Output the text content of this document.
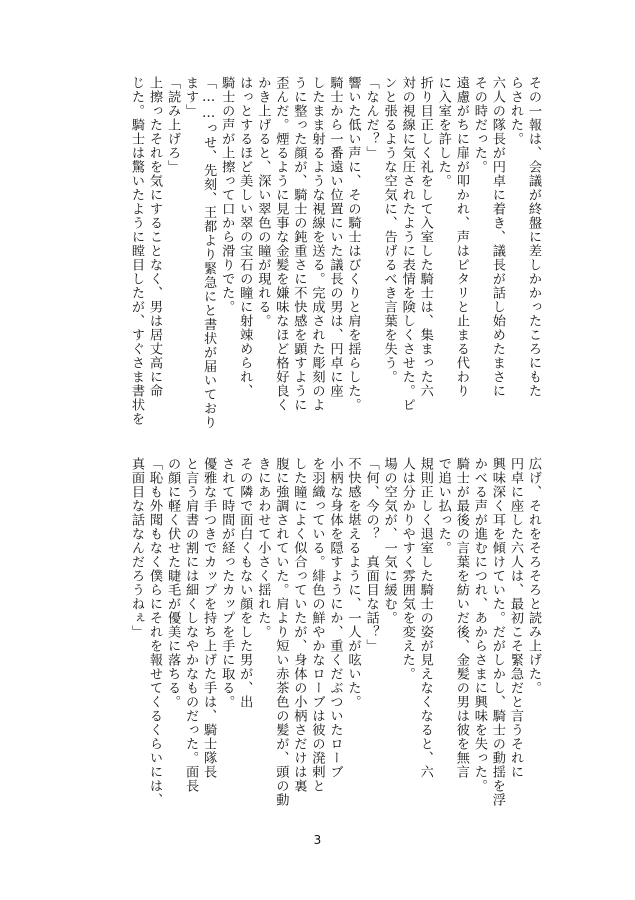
その一報は、会議が終盤に差しかかったころにもた
らされた。
六人の隊長が円卓に着き、議長が話し始めたまさに
その時だった。
遠慮がちに扉が叩かれ、声はピタリと止まる代わり
に入室を許した。
折り目正しく礼をして入室した騎士は、集まった六
対の視線に気圧されたように表情を険しくさせた。ピ
ンと張るような空気に、告げるべき言葉を失う。
「なんだ？」
響いた低い声に、その騎士はびくりと肩を揺らした。
騎士から一番遠い位置にいた議長の男は、円卓に座
したまま射るような視線を送る。完成された彫刻のよ
うに整った顔が、騎士の鈍重さに不快感を顕すように
歪んだ。煙るように見事な金髪を嫌味なほど格好良く
かき上げると、深い翠色の瞳が現れる。
はっとするほど美しい翠の宝石の瞳に射竦められ、
騎士の声が上擦って口から滑りでた。
「……っせ、先刻、王都より緊急にと書状が届いており
ます」
「読み上げろ」
上擦ったそれを気にすることなく、男は居丈高に命
じた。騎士は驚いたように瞠目したが、すぐさま書状を
広げ、それをそろそろと読み上げた。
円卓に座した六人は、最初こそ緊急だと言うそれに
興味深く耳を傾けていた。だがしかし、騎士の動揺を浮
かべる声が進むにつれ、あからさまに興味を失った。
騎士が最後の言葉を紡いだ後、金髪の男は彼を無言
で追い払った。
規則正しく退室した騎士の姿が見えなくなると、六
人は分かりやすく雰囲気を変えた。
場の空気が、一気に緩む。
「何、今の？　真面目な話？」
不快感を堪えるように、一人が呟いた。
小柄な身体を隠すようにか、重くだぶついたローブ
を羽織っている。緋色の鮮やかなローブは彼の溌剌と
した瞳によく似合っていたが、身体の小柄さだけは裏
腹に強調されていた。肩より短い赤茶色の髪が、頭の動
きにあわせて小さく揺れた。
その隣で面白くもない顔をした男が、出
されて時間が経ったカップを手に取る。
優雅な手つきでカップを持ち上げた手は、騎士隊長
と言う肩書の割には細くしなやかなものだった。面長
の顔に軽く伏せた睫毛が優美に落ちる。
「恥も外聞もなく僕らにそれを報せてくるくらいには、
真面目な話なんだろうねぇ」
3
